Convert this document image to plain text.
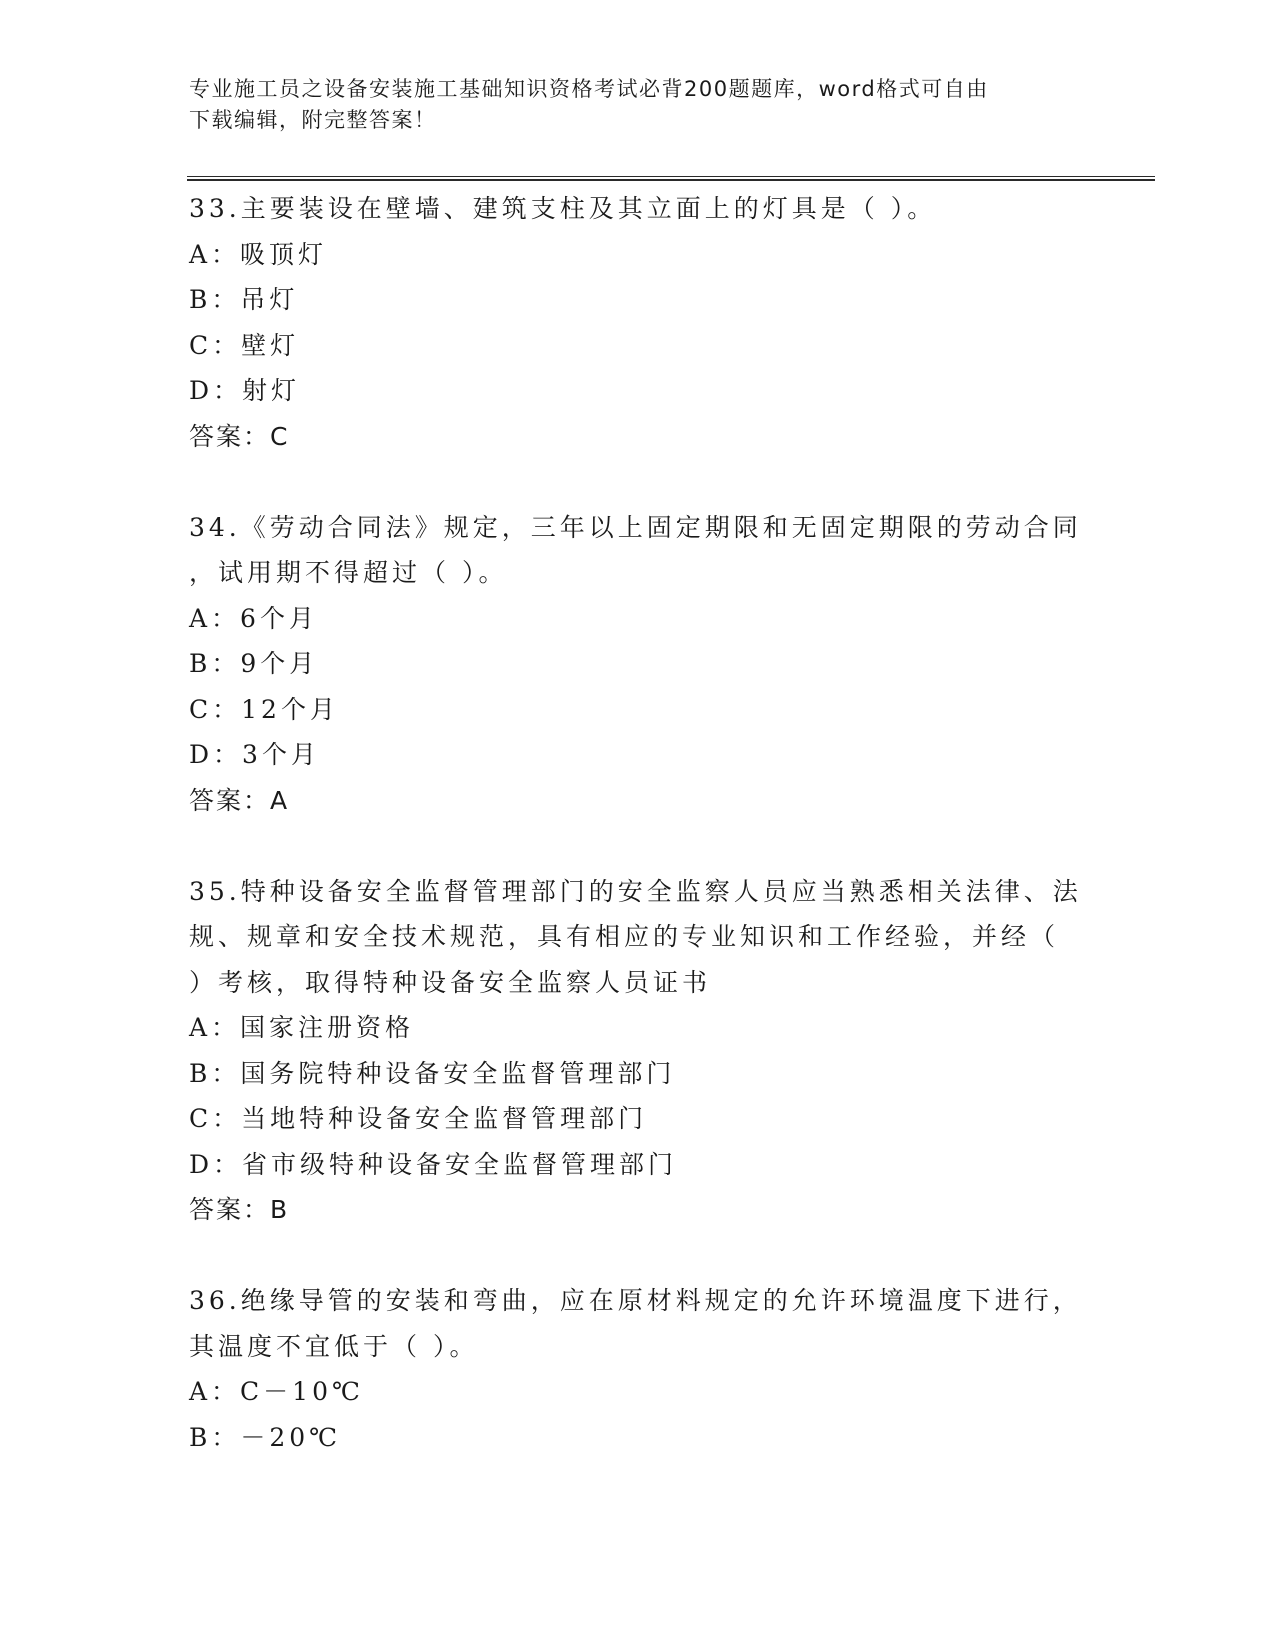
专业施工员之设备安装施工基础知识资格考试必背200题题库，word格式可自由
下载编辑，附完整答案！
33.主要装设在壁墙、建筑支柱及其立面上的灯具是（ ）。
A：吸顶灯
B：吊灯
C：壁灯
D：射灯
答案：C
34.《劳动合同法》规定，三年以上固定期限和无固定期限的劳动合同
，试用期不得超过（ ）。
A：6个月
B：9个月
C：12个月
D：3个月
答案：A
35.特种设备安全监督管理部门的安全监察人员应当熟悉相关法律、法
规、规章和安全技术规范，具有相应的专业知识和工作经验，并经（
）考核，取得特种设备安全监察人员证书
A：国家注册资格
B：国务院特种设备安全监督管理部门
C：当地特种设备安全监督管理部门
D：省市级特种设备安全监督管理部门
答案：B
36.绝缘导管的安装和弯曲，应在原材料规定的允许环境温度下进行，
其温度不宜低于（ ）。
A：C－10℃
B：－20℃
